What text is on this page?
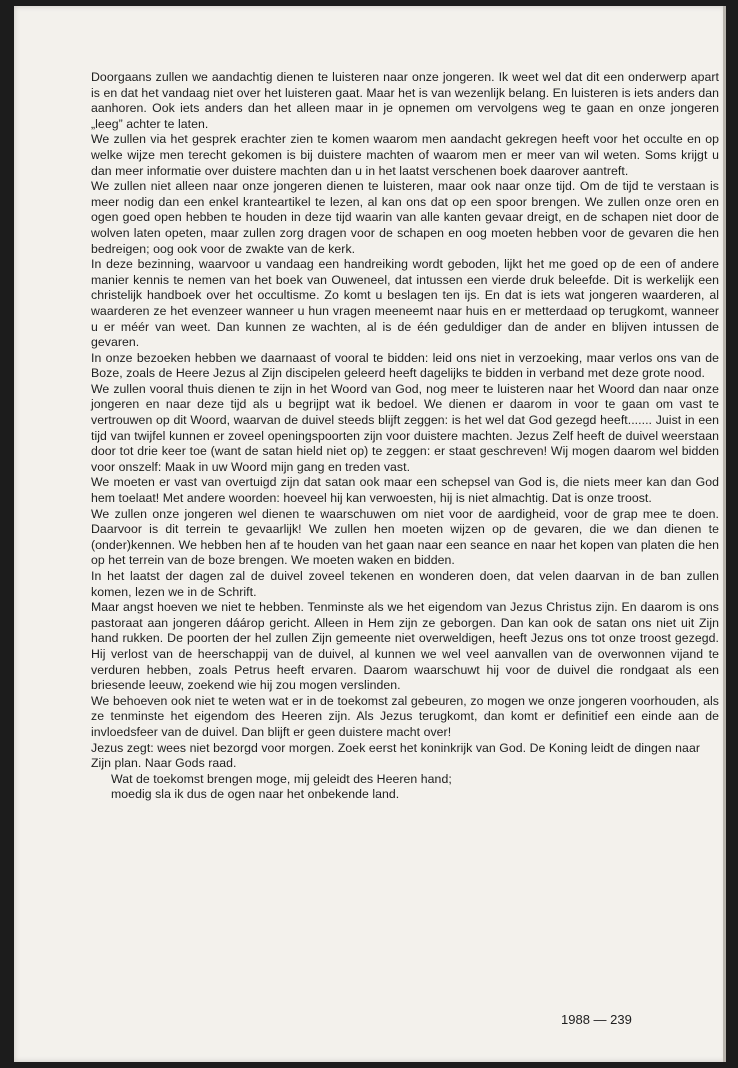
Doorgaans zullen we aandachtig dienen te luisteren naar onze jongeren. Ik weet wel dat dit een onderwerp apart is en dat het vandaag niet over het luisteren gaat. Maar het is van wezenlijk belang. En luisteren is iets anders dan aanhoren. Ook iets anders dan het alleen maar in je opnemen om vervolgens weg te gaan en onze jongeren „leeg” achter te laten.

We zullen via het gesprek erachter zien te komen waarom men aandacht gekregen heeft voor het occulte en op welke wijze men terecht gekomen is bij duistere machten of waarom men er meer van wil weten. Soms krijgt u dan meer informatie over duistere machten dan u in het laatst verschenen boek daarover aantreft.

We zullen niet alleen naar onze jongeren dienen te luisteren, maar ook naar onze tijd. Om de tijd te verstaan is meer nodig dan een enkel kranteartikel te lezen, al kan ons dat op een spoor brengen. We zullen onze oren en ogen goed open hebben te houden in deze tijd waarin van alle kanten gevaar dreigt, en de schapen niet door de wolven laten opeten, maar zullen zorg dragen voor de schapen en oog moeten hebben voor de gevaren die hen bedreigen; oog ook voor de zwakte van de kerk.

In deze bezinning, waarvoor u vandaag een handreiking wordt geboden, lijkt het me goed op de een of andere manier kennis te nemen van het boek van Ouweneel, dat intussen een vierde druk beleefde. Dit is werkelijk een christelijk handboek over het occultisme. Zo komt u beslagen ten ijs. En dat is iets wat jongeren waarderen, al waarderen ze het evenzeer wanneer u hun vragen meeneemt naar huis en er metterdaad op terugkomt, wanneer u er méér van weet. Dan kunnen ze wachten, al is de één geduldiger dan de ander en blijven intussen de gevaren.

In onze bezoeken hebben we daarnaast of vooral te bidden: leid ons niet in verzoeking, maar verlos ons van de Boze, zoals de Heere Jezus al Zijn discipelen geleerd heeft dagelijks te bidden in verband met deze grote nood.

We zullen vooral thuis dienen te zijn in het Woord van God, nog meer te luisteren naar het Woord dan naar onze jongeren en naar deze tijd als u begrijpt wat ik bedoel. We dienen er daarom in voor te gaan om vast te vertrouwen op dit Woord, waarvan de duivel steeds blijft zeggen: is het wel dat God gezegd heeft....... Juist in een tijd van twijfel kunnen er zoveel openingspoorten zijn voor duistere machten. Jezus Zelf heeft de duivel weerstaan door tot drie keer toe (want de satan hield niet op) te zeggen: er staat geschreven! Wij mogen daarom wel bidden voor onszelf: Maak in uw Woord mijn gang en treden vast.

We moeten er vast van overtuigd zijn dat satan ook maar een schepsel van God is, die niets meer kan dan God hem toelaat! Met andere woorden: hoeveel hij kan verwoesten, hij is niet almachtig. Dat is onze troost.

We zullen onze jongeren wel dienen te waarschuwen om niet voor de aardigheid, voor de grap mee te doen. Daarvoor is dit terrein te gevaarlijk! We zullen hen moeten wijzen op de gevaren, die we dan dienen te (onder)kennen. We hebben hen af te houden van het gaan naar een seance en naar het kopen van platen die hen op het terrein van de boze brengen. We moeten waken en bidden.

In het laatst der dagen zal de duivel zoveel tekenen en wonderen doen, dat velen daarvan in de ban zullen komen, lezen we in de Schrift.

Maar angst hoeven we niet te hebben. Tenminste als we het eigendom van Jezus Christus zijn. En daarom is ons pastoraat aan jongeren dáárop gericht. Alleen in Hem zijn ze geborgen. Dan kan ook de satan ons niet uit Zijn hand rukken. De poorten der hel zullen Zijn gemeente niet overweldigen, heeft Jezus ons tot onze troost gezegd. Hij verlost van de heerschappij van de duivel, al kunnen we wel veel aanvallen van de overwonnen vijand te verduren hebben, zoals Petrus heeft ervaren. Daarom waarschuwt hij voor de duivel die rondgaat als een briesende leeuw, zoekend wie hij zou mogen verslinden.

We behoeven ook niet te weten wat er in de toekomst zal gebeuren, zo mogen we onze jongeren voorhouden, als ze tenminste het eigendom des Heeren zijn. Als Jezus terugkomt, dan komt er definitief een einde aan de invloedsfeer van de duivel. Dan blijft er geen duistere macht over!

Jezus zegt: wees niet bezorgd voor morgen. Zoek eerst het koninkrijk van God. De Koning leidt de dingen naar Zijn plan. Naar Gods raad.

Wat de toekomst brengen moge, mij geleidt des Heeren hand;

moedig sla ik dus de ogen naar het onbekende land.

1988 — 239
